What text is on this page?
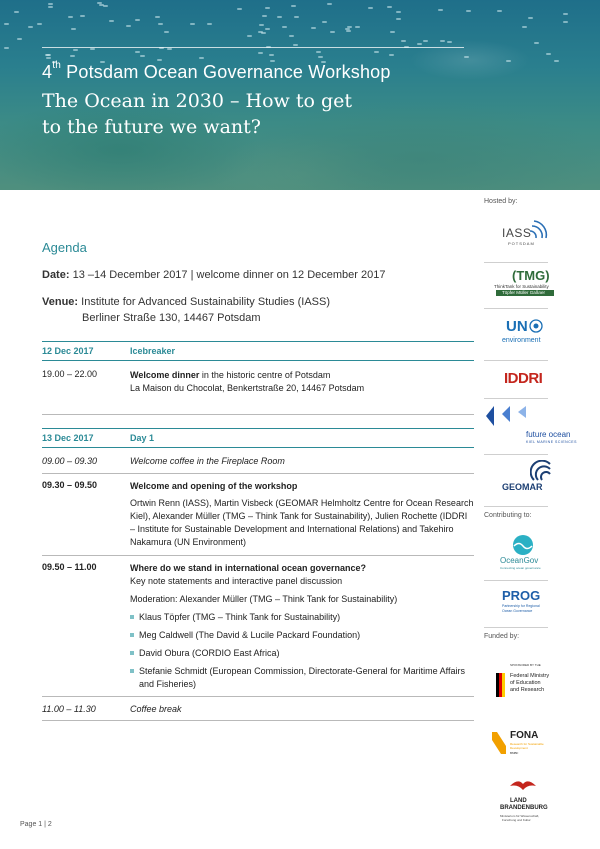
4th Potsdam Ocean Governance Workshop
The Ocean in 2030 – How to get
to the future we want?
Agenda
Date: 13 –14 December 2017 | welcome dinner on 12 December 2017
Venue: Institute for Advanced Sustainability Studies (IASS)
Berliner Straße 130, 14467 Potsdam
12 Dec 2017	Icebreaker
19.00 – 22.00	Welcome dinner in the historic centre of Potsdam

La Maison du Chocolat, Benkertstraße 20, 14467 Potsdam

13 Dec 2017	Day 1
09.00 – 09.30	Welcome coffee in the Fireplace Room
09.30 – 09.50	Welcome and opening of the workshop

Ortwin Renn (IASS), Martin Visbeck (GEOMAR Helmholtz Centre for Ocean Research Kiel), Alexander Müller (TMG – Think Tank for Sustainability), Julien Rochette (IDDRI – Institute for Sustainable Development and International Relations) and Takehiro Nakamura (UN Environment)

09.50 – 11.00	Where do we stand in international ocean governance?

Key note statements and interactive panel discussion

Moderation: Alexander Müller (TMG – Think Tank for Sustainability)

Klaus Töpfer (TMG – Think Tank for Sustainability)

Meg Caldwell (The David & Lucile Packard Foundation)

David Obura (CORDIO East Africa)

Stefanie Schmidt (European Commission, Directorate-General for Maritime Affairs and Fisheries)

11.00 – 11.30	Coffee break
Hosted by:
IASS
POTSDAM
(TMG)
ThinkTank for Sustainability
Töpfer Müller Gaßner
UN
environment
IDDRI
future ocean
KIEL MARINE SCIENCES
GEOMAR
Contributing to:
OceanGov
Connecting ocean governance
PROG
Partnership for Regional
Ocean Governance
Funded by:
SPONSORED BY THE
Federal Ministry
of Education
and Research
FONA
Research for Sustainable
Development
BMBF
LAND
BRANDENBURG
Ministerium für Wissenschaft,
Forschung und Kultur
Page 1 | 2
